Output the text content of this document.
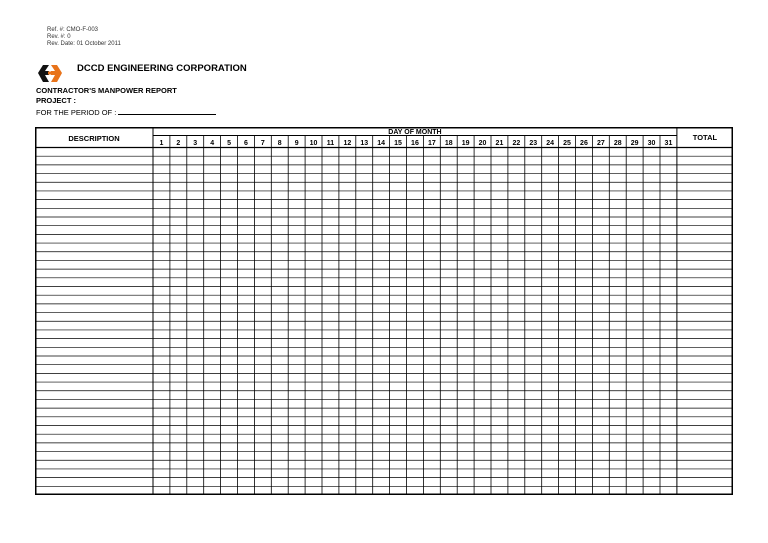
Ref. #: CMO-F-003
Rev. #: 0
Rev. Date: 01 October 2011
DCCD ENGINEERING CORPORATION
CONTRACTOR'S MANPOWER REPORT
PROJECT :
FOR THE PERIOD OF :
DESCRIPTION
DAY OF MONTH
TOTAL
1 2 3 4 5 6 7 8 9 10 11 12 13 14 15 16 17 18 19 20 21 22 23 24 25 26 27 28 29 30 31
